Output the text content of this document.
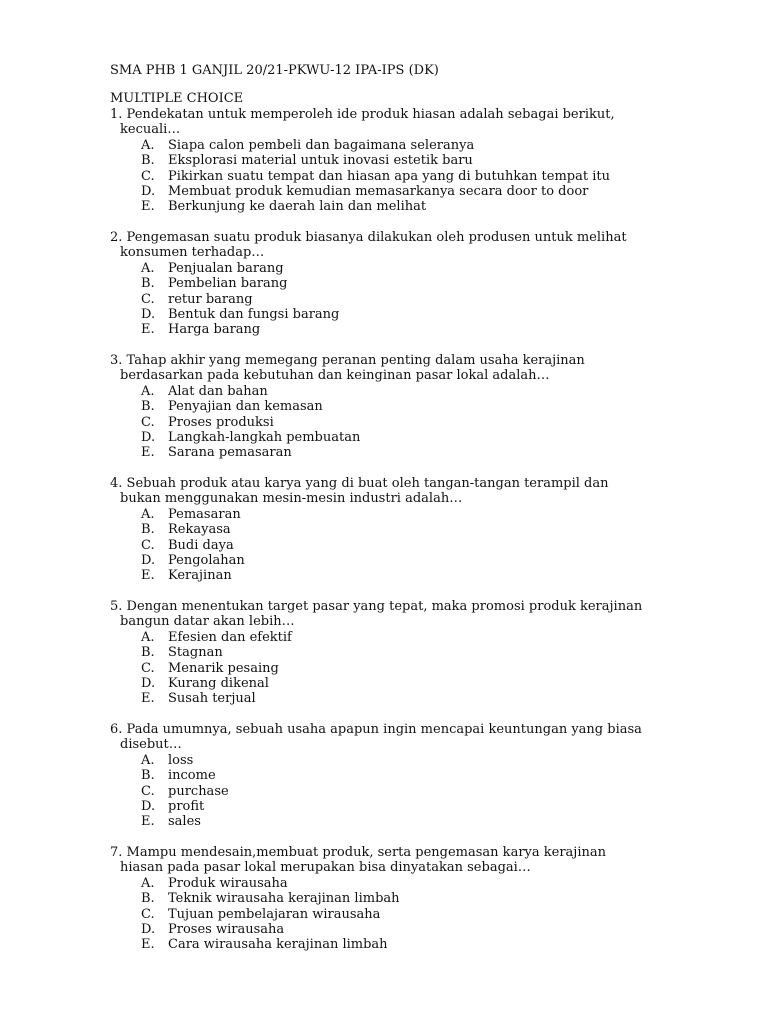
SMA PHB 1 GANJIL 20/21-PKWU-12 IPA-IPS (DK)
MULTIPLE CHOICE
1. Pendekatan untuk memperoleh ide produk hiasan adalah sebagai berikut,
kecuali…
A. Siapa calon pembeli dan bagaimana seleranya
B. Eksplorasi material untuk inovasi estetik baru
C. Pikirkan suatu tempat dan hiasan apa yang di butuhkan tempat itu
D. Membuat produk kemudian memasarkanya secara door to door
E. Berkunjung ke daerah lain dan melihat
2. Pengemasan suatu produk biasanya dilakukan oleh produsen untuk melihat
konsumen terhadap…
A. Penjualan barang
B. Pembelian barang
C. retur barang
D. Bentuk dan fungsi barang
E. Harga barang
3. Tahap akhir yang memegang peranan penting dalam usaha kerajinan
berdasarkan pada kebutuhan dan keinginan pasar lokal adalah…
A. Alat dan bahan
B. Penyajian dan kemasan
C. Proses produksi
D. Langkah-langkah pembuatan
E. Sarana pemasaran
4. Sebuah produk atau karya yang di buat oleh tangan-tangan terampil dan
bukan menggunakan mesin-mesin industri adalah…
A. Pemasaran
B. Rekayasa
C. Budi daya
D. Pengolahan
E. Kerajinan
5. Dengan menentukan target pasar yang tepat, maka promosi produk kerajinan
bangun datar akan lebih…
A. Efesien dan efektif
B. Stagnan
C. Menarik pesaing
D. Kurang dikenal
E. Susah terjual
6. Pada umumnya, sebuah usaha apapun ingin mencapai keuntungan yang biasa
disebut…
A. loss
B. income
C. purchase
D. profit
E. sales
7. Mampu mendesain,membuat produk, serta pengemasan karya kerajinan
hiasan pada pasar lokal merupakan bisa dinyatakan sebagai…
A. Produk wirausaha
B. Teknik wirausaha kerajinan limbah
C. Tujuan pembelajaran wirausaha
D. Proses wirausaha
E. Cara wirausaha kerajinan limbah
